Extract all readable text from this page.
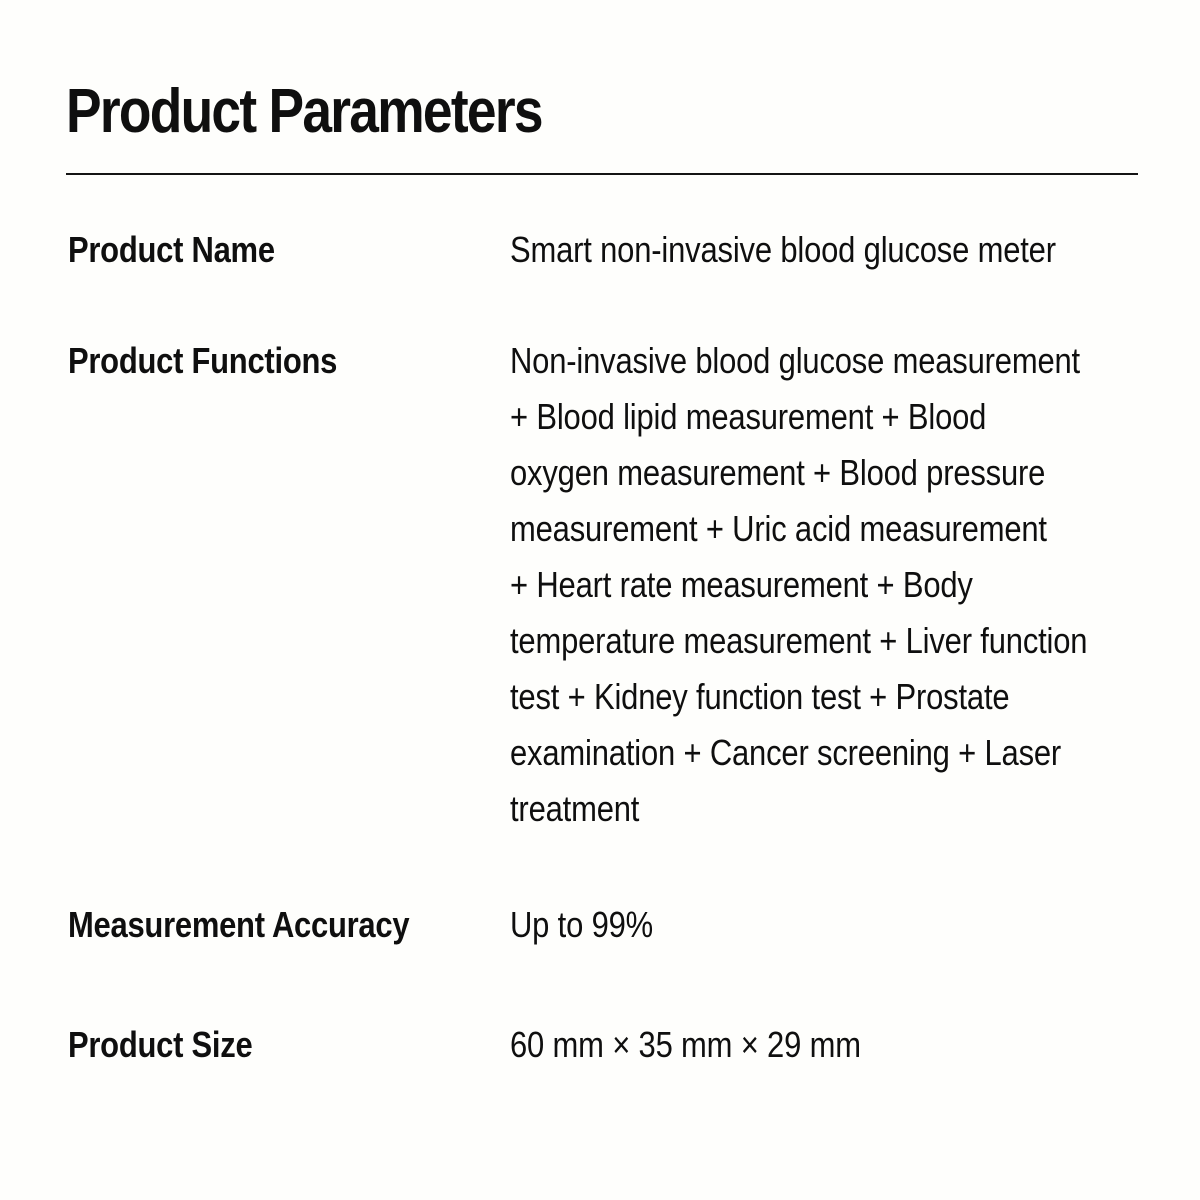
Product Parameters
Product Name	Smart non-invasive blood glucose meter
Product Functions	Non-invasive blood glucose measurement
+ Blood lipid measurement + Blood
oxygen measurement + Blood pressure
measurement + Uric acid measurement
+ Heart rate measurement + Body
temperature measurement + Liver function
test + Kidney function test + Prostate
examination + Cancer screening + Laser
treatment
Measurement Accuracy	Up to 99%
Product Size	60 mm × 35 mm × 29 mm
